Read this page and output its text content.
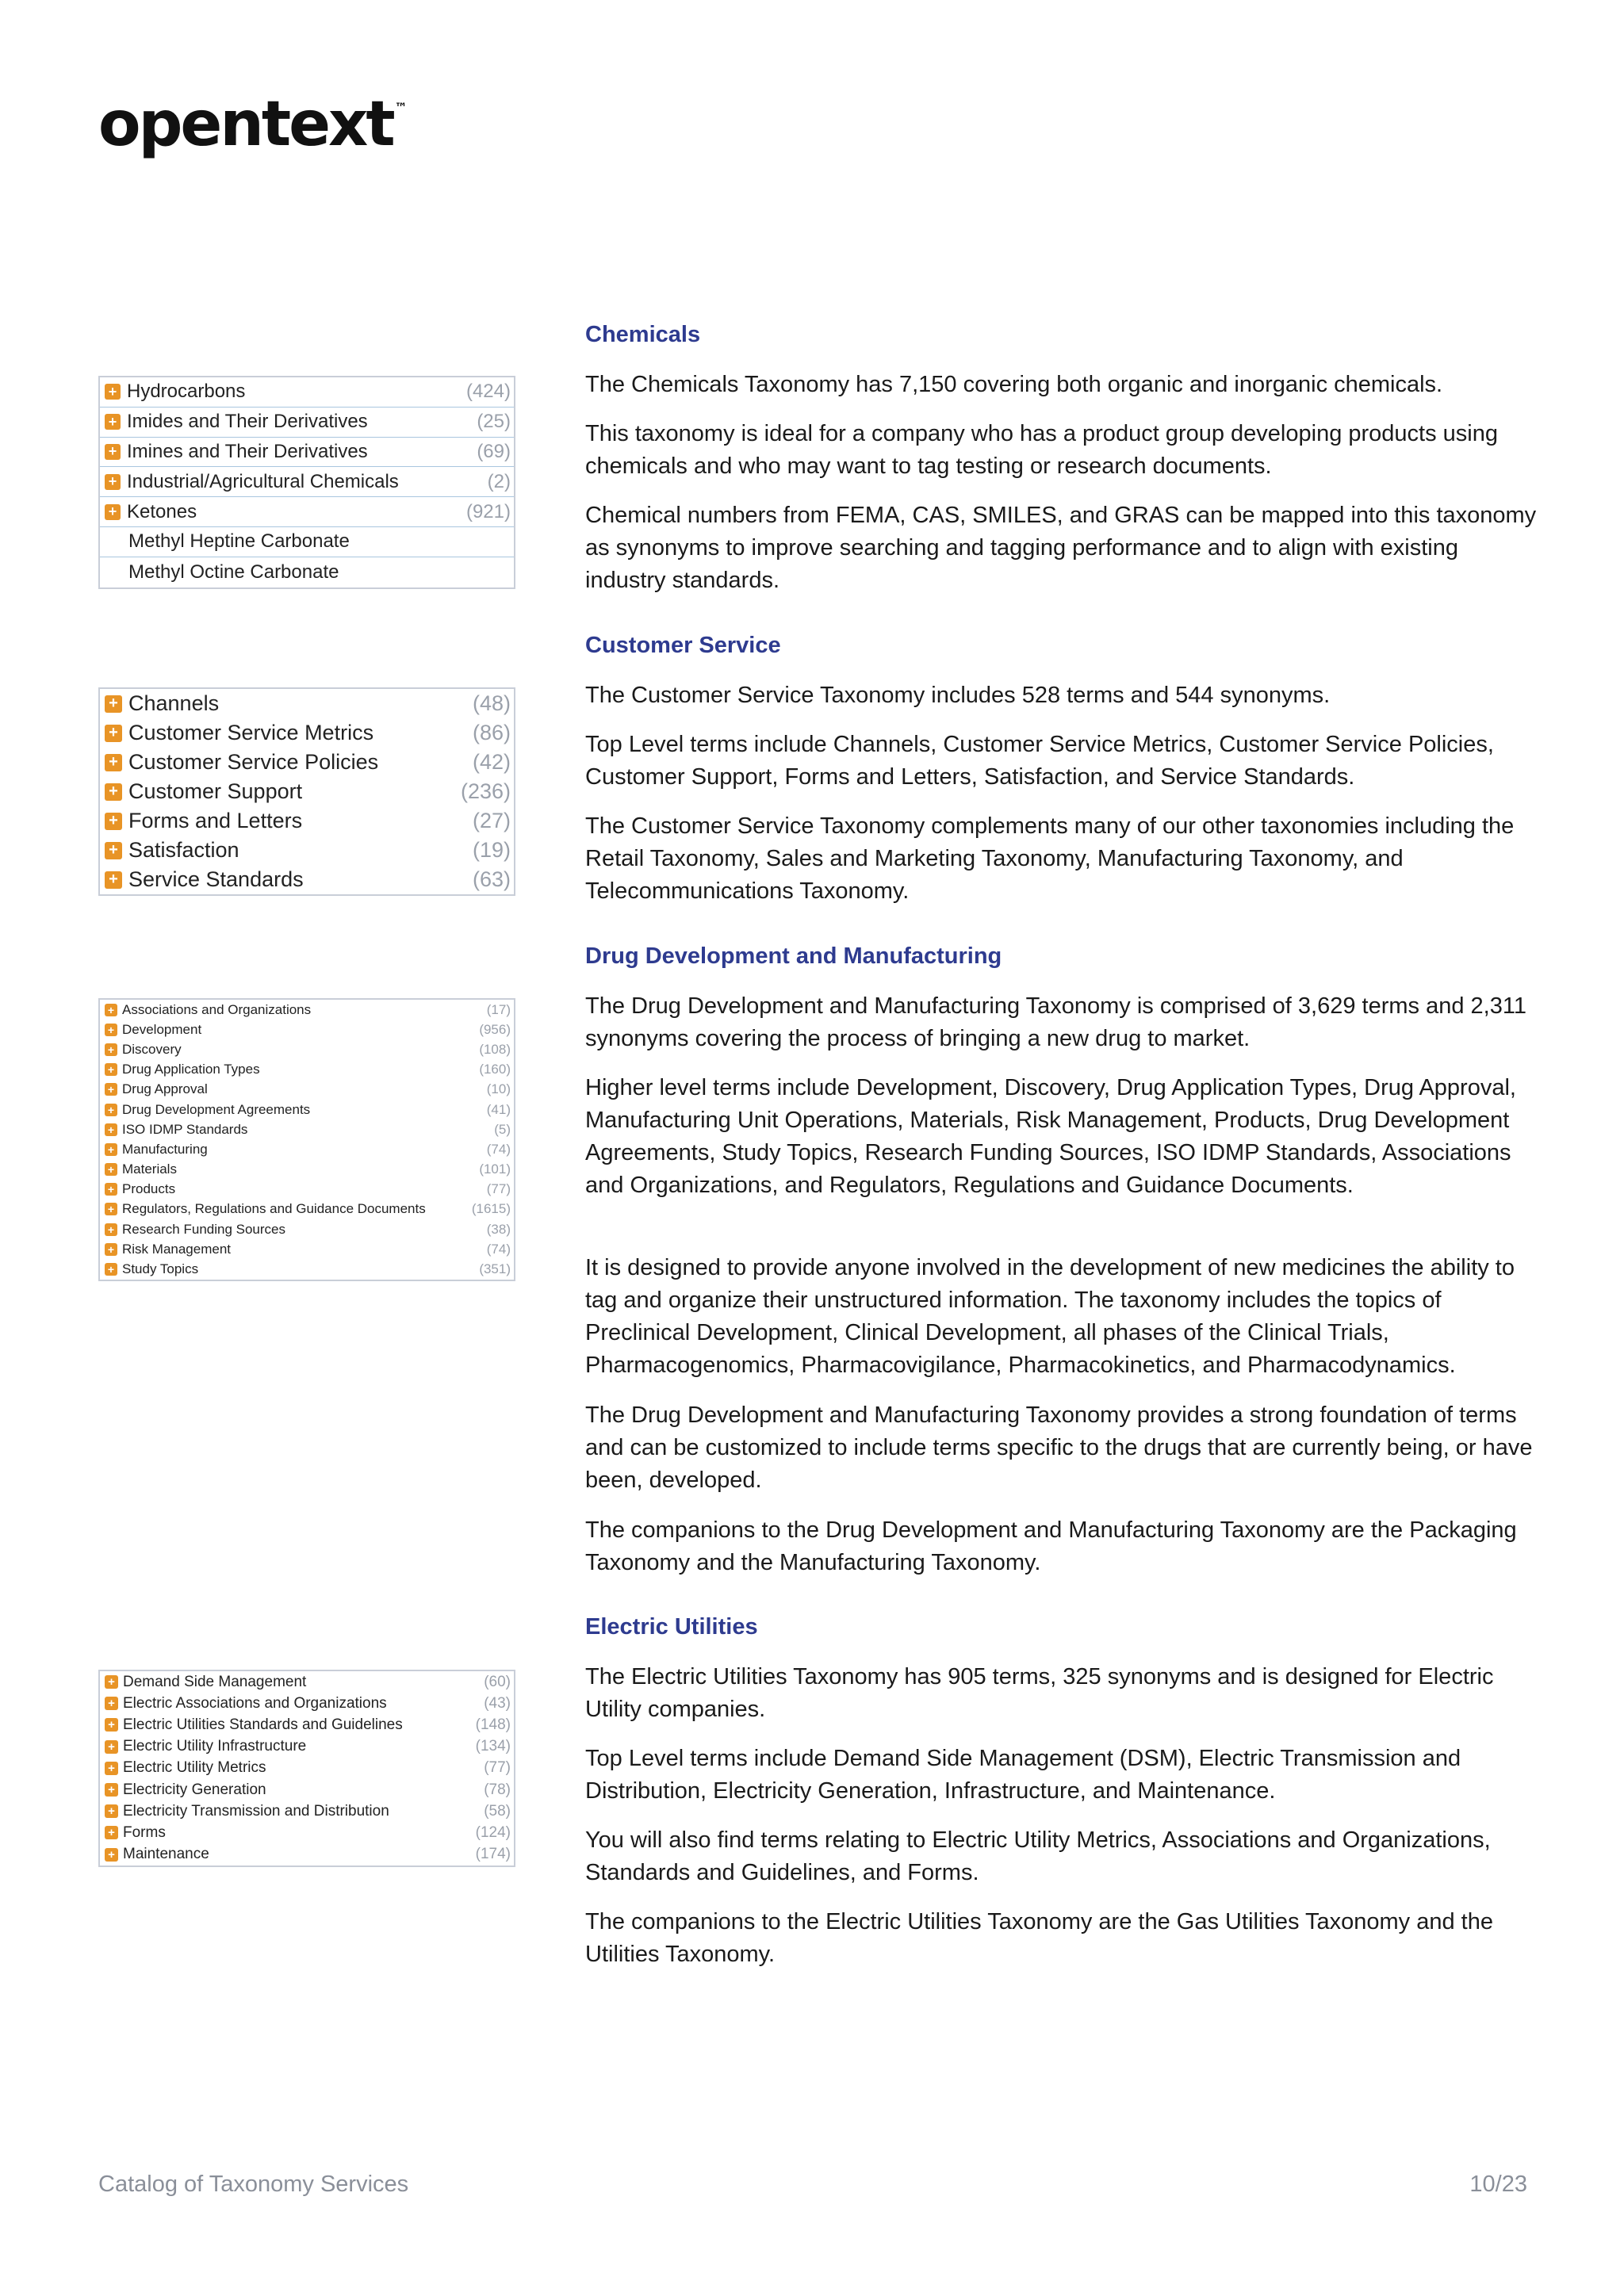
opentext ™
Chemicals

The Chemicals Taxonomy has 7,150 covering both organic and inorganic chemicals.

This taxonomy is ideal for a company who has a product group developing products using chemicals and who may want to tag testing or research documents.

Chemical numbers from FEMA, CAS, SMILES, and GRAS can be mapped into this taxonomy as synonyms to improve searching and tagging performance and to align with existing industry standards.

+ Hydrocarbons	(424)
+ Imides and Their Derivatives	(25)
+ Imines and Their Derivatives	(69)
+ Industrial/Agricultural Chemicals	(2)
+ Ketones	(921)
Methyl Heptine Carbonate
Methyl Octine Carbonate
Customer Service

The Customer Service Taxonomy includes 528 terms and 544 synonyms.

Top Level terms include Channels, Customer Service Metrics, Customer Service Policies, Customer Support, Forms and Letters, Satisfaction, and Service Standards.

The Customer Service Taxonomy complements many of our other taxonomies including the Retail Taxonomy, Sales and Marketing Taxonomy, Manufacturing Taxonomy, and Telecommunications Taxonomy.

+ Channels	(48)
+ Customer Service Metrics	(86)
+ Customer Service Policies	(42)
+ Customer Support	(236)
+ Forms and Letters	(27)
+ Satisfaction	(19)
+ Service Standards	(63)
Drug Development and Manufacturing

The Drug Development and Manufacturing Taxonomy is comprised of 3,629 terms and 2,311 synonyms covering the process of bringing a new drug to market.

Higher level terms include Development, Discovery, Drug Application Types, Drug Approval, Manufacturing Unit Operations, Materials, Risk Management, Products, Drug Development Agreements, Study Topics, Research Funding Sources, ISO IDMP Standards, Associations and Organizations, and Regulators, Regulations and Guidance Documents.

It is designed to provide anyone involved in the development of new medicines the ability to tag and organize their unstructured information. The taxonomy includes the topics of Preclinical Development, Clinical Development, all phases of the Clinical Trials, Pharmacogenomics, Pharmacovigilance, Pharmacokinetics, and Pharmacodynamics.

The Drug Development and Manufacturing Taxonomy provides a strong foundation of terms and can be customized to include terms specific to the drugs that are currently being, or have been, developed.

The companions to the Drug Development and Manufacturing Taxonomy are the Packaging Taxonomy and the Manufacturing Taxonomy.

+ Associations and Organizations	(17)
+ Development	(956)
+ Discovery	(108)
+ Drug Application Types	(160)
+ Drug Approval	(10)
+ Drug Development Agreements	(41)
+ ISO IDMP Standards	(5)
+ Manufacturing	(74)
+ Materials	(101)
+ Products	(77)
+ Regulators, Regulations and Guidance Documents	(1615)
+ Research Funding Sources	(38)
+ Risk Management	(74)
+ Study Topics	(351)
Electric Utilities

The Electric Utilities Taxonomy has 905 terms, 325 synonyms and is designed for Electric Utility companies.

Top Level terms include Demand Side Management (DSM), Electric Transmission and Distribution, Electricity Generation, Infrastructure, and Maintenance.

You will also find terms relating to Electric Utility Metrics, Associations and Organizations, Standards and Guidelines, and Forms.

The companions to the Electric Utilities Taxonomy are the Gas Utilities Taxonomy and the Utilities Taxonomy.

+ Demand Side Management	(60)
+ Electric Associations and Organizations	(43)
+ Electric Utilities Standards and Guidelines	(148)
+ Electric Utility Infrastructure	(134)
+ Electric Utility Metrics	(77)
+ Electricity Generation	(78)
+ Electricity Transmission and Distribution	(58)
+ Forms	(124)
+ Maintenance	(174)
Catalog of Taxonomy Services	10/23
